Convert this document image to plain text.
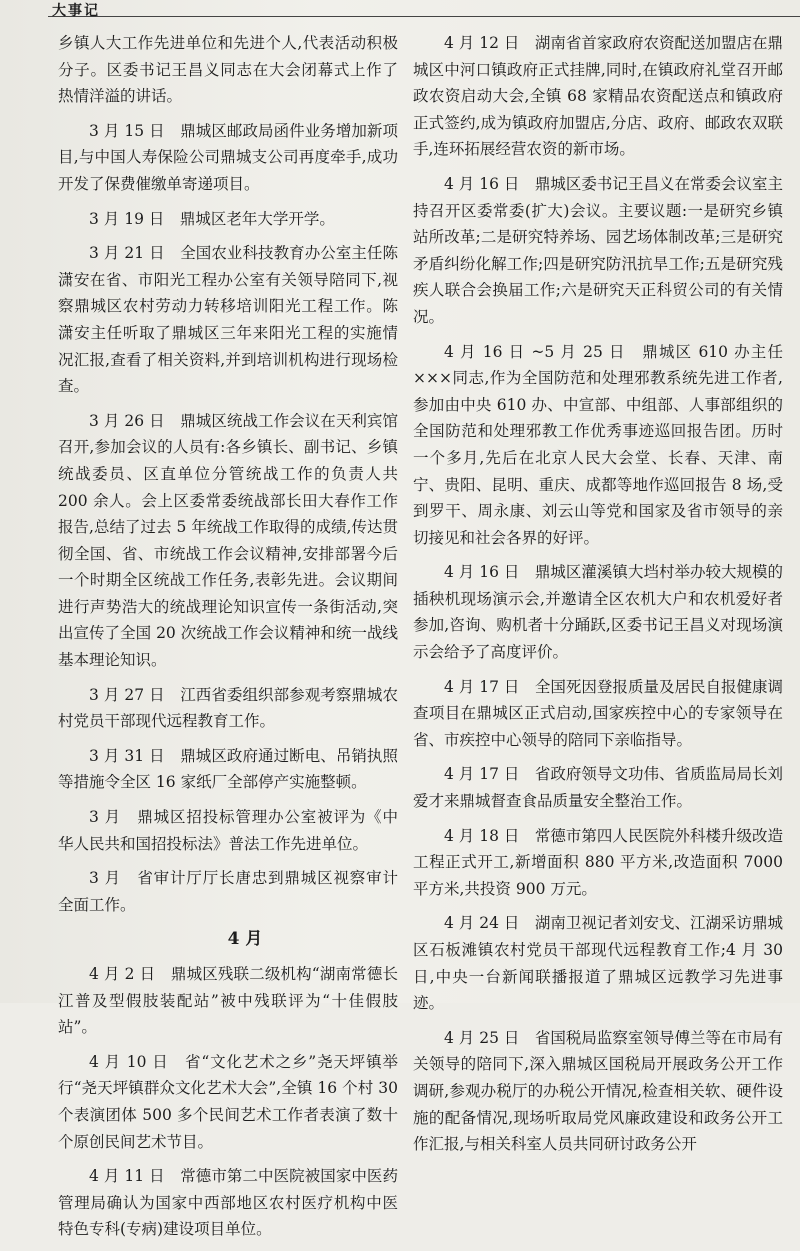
大事记

乡镇人大工作先进单位和先进个人,代表活动积极分子。区委书记王昌义同志在大会闭幕式上作了热情洋溢的讲话。

3 月 15 日　鼎城区邮政局函件业务增加新项目,与中国人寿保险公司鼎城支公司再度牵手,成功开发了保费催缴单寄递项目。

3 月 19 日　鼎城区老年大学开学。

3 月 21 日　全国农业科技教育办公室主任陈潇安在省、市阳光工程办公室有关领导陪同下,视察鼎城区农村劳动力转移培训阳光工程工作。陈潇安主任听取了鼎城区三年来阳光工程的实施情况汇报,查看了相关资料,并到培训机构进行现场检查。

3 月 26 日　鼎城区统战工作会议在天利宾馆召开,参加会议的人员有:各乡镇长、副书记、乡镇统战委员、区直单位分管统战工作的负责人共 200 余人。会上区委常委统战部长田大春作工作报告,总结了过去 5 年统战工作取得的成绩,传达贯彻全国、省、市统战工作会议精神,安排部署今后一个时期全区统战工作任务,表彰先进。会议期间进行声势浩大的统战理论知识宣传一条街活动,突出宣传了全国 20 次统战工作会议精神和统一战线基本理论知识。

3 月 27 日　江西省委组织部参观考察鼎城农村党员干部现代远程教育工作。

3 月 31 日　鼎城区政府通过断电、吊销执照等措施令全区 16 家纸厂全部停产实施整顿。

3 月　鼎城区招投标管理办公室被评为《中华人民共和国招投标法》普法工作先进单位。

3 月　省审计厅厅长唐忠到鼎城区视察审计全面工作。

4 月

4 月 2 日　鼎城区残联二级机构“湖南常德长江普及型假肢装配站”被中残联评为“十佳假肢站”。

4 月 10 日　省“文化艺术之乡”尧天坪镇举行“尧天坪镇群众文化艺术大会”,全镇 16 个村 30 个表演团体 500 多个民间艺术工作者表演了数十个原创民间艺术节目。

4 月 11 日　常德市第二中医院被国家中医药管理局确认为国家中西部地区农村医疗机构中医特色专科(专病)建设项目单位。

4 月 12 日　湖南省首家政府农资配送加盟店在鼎城区中河口镇政府正式挂牌,同时,在镇政府礼堂召开邮政农资启动大会,全镇 68 家精品农资配送点和镇政府正式签约,成为镇政府加盟店,分店、政府、邮政农双联手,连环拓展经营农资的新市场。

4 月 16 日　鼎城区委书记王昌义在常委会议室主持召开区委常委(扩大)会议。主要议题:一是研究乡镇站所改革;二是研究特养场、园艺场体制改革;三是研究矛盾纠纷化解工作;四是研究防汛抗旱工作;五是研究残疾人联合会换届工作;六是研究天正科贸公司的有关情况。

4 月 16 日 ~5 月 25 日　鼎城区 610 办主任×××同志,作为全国防范和处理邪教系统先进工作者,参加由中央 610 办、中宣部、中组部、人事部组织的全国防范和处理邪教工作优秀事迹巡回报告团。历时一个多月,先后在北京人民大会堂、长春、天津、南宁、贵阳、昆明、重庆、成都等地作巡回报告 8 场,受到罗干、周永康、刘云山等党和国家及省市领导的亲切接见和社会各界的好评。

4 月 16 日　鼎城区灌溪镇大垱村举办较大规模的插秧机现场演示会,并邀请全区农机大户和农机爱好者参加,咨询、购机者十分踊跃,区委书记王昌义对现场演示会给予了高度评价。

4 月 17 日　全国死因登报质量及居民自报健康调查项目在鼎城区正式启动,国家疾控中心的专家领导在省、市疾控中心领导的陪同下亲临指导。

4 月 17 日　省政府领导文功伟、省质监局局长刘爱才来鼎城督查食品质量安全整治工作。

4 月 18 日　常德市第四人民医院外科楼升级改造工程正式开工,新增面积 880 平方米,改造面积 7000 平方米,共投资 900 万元。

4 月 24 日　湖南卫视记者刘安戈、江湖采访鼎城区石板滩镇农村党员干部现代远程教育工作;4 月 30 日,中央一台新闻联播报道了鼎城区远教学习先进事迹。

4 月 25 日　省国税局监察室领导傅兰等在市局有关领导的陪同下,深入鼎城区国税局开展政务公开工作调研,参观办税厅的办税公开情况,检查相关软、硬件设施的配备情况,现场听取局党风廉政建设和政务公开工作汇报,与相关科室人员共同研讨政务公开
